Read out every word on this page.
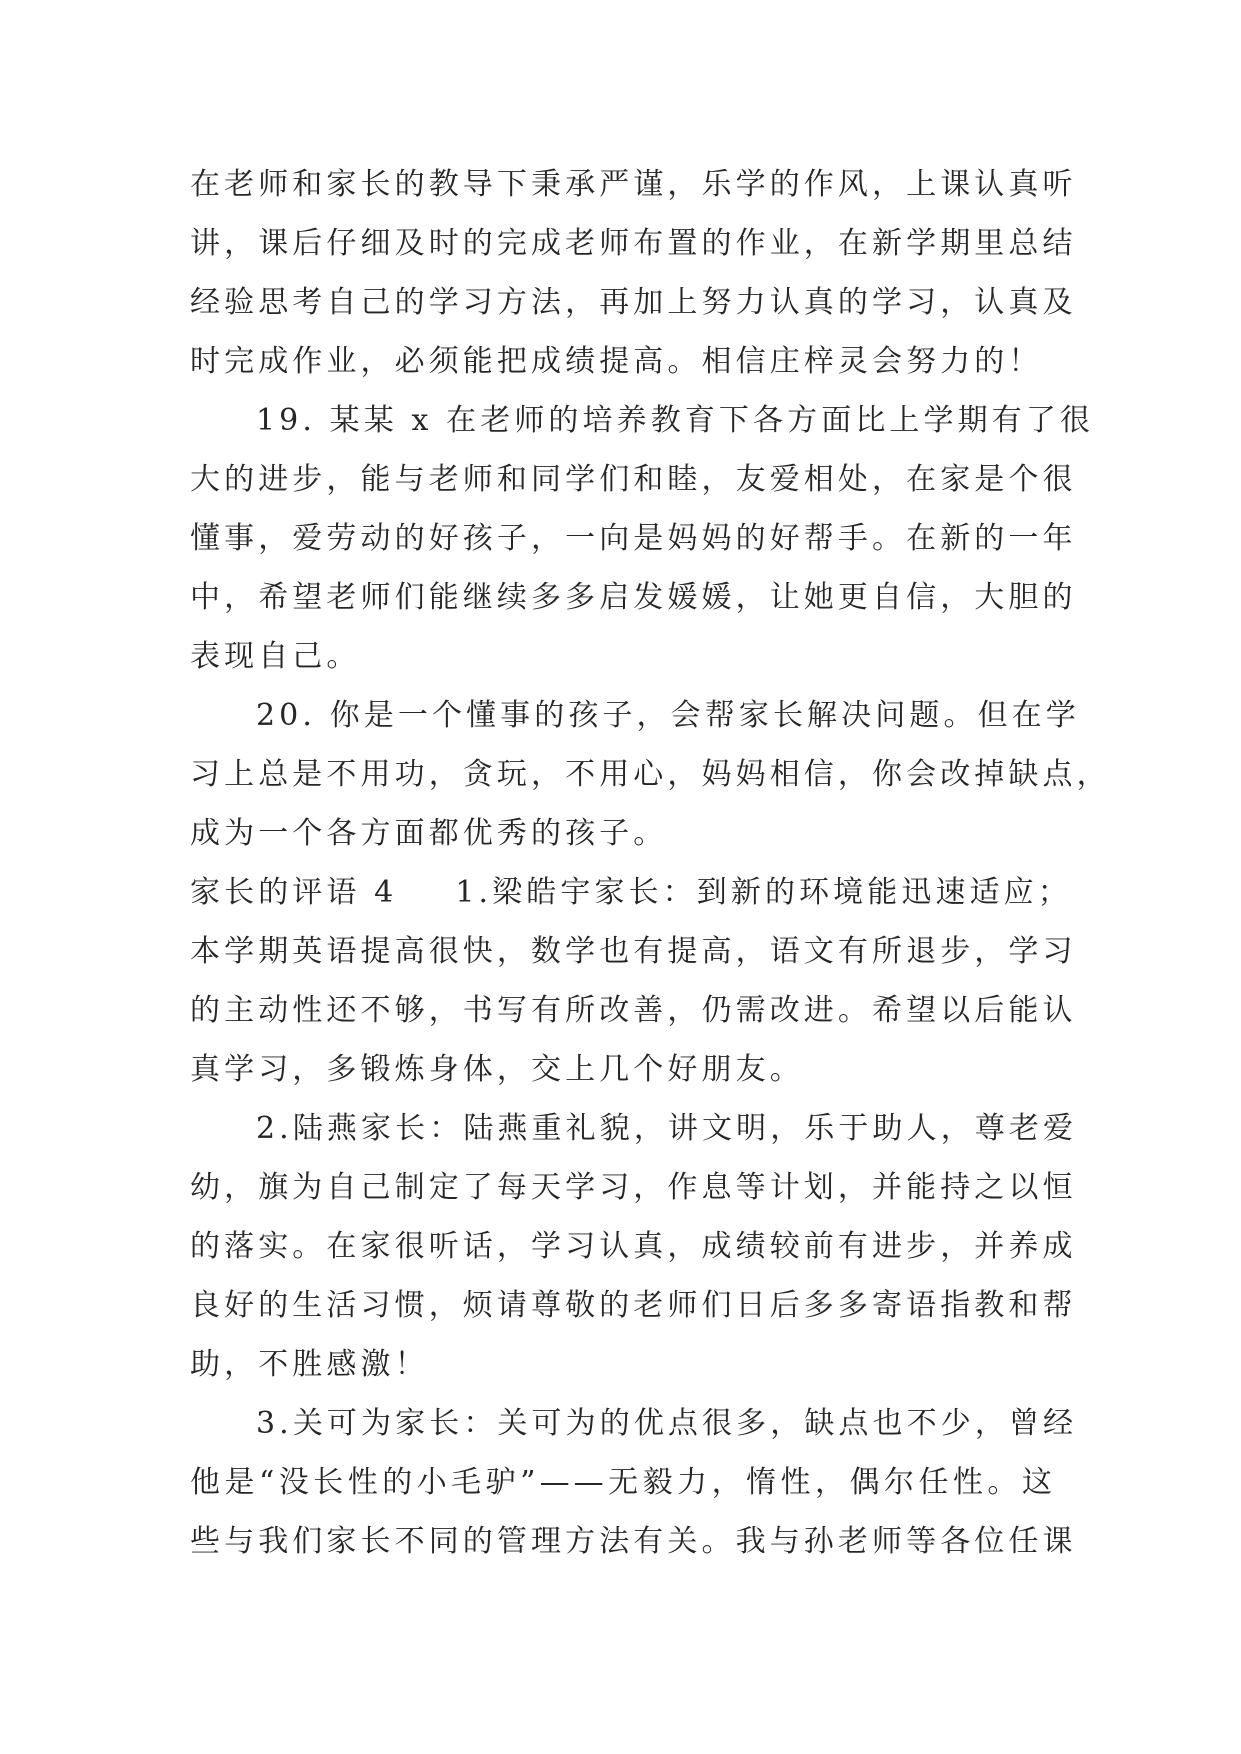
在老师和家长的教导下秉承严谨，乐学的作风，上课认真听
讲，课后仔细及时的完成老师布置的作业，在新学期里总结
经验思考自己的学习方法，再加上努力认真的学习，认真及
时完成作业，必须能把成绩提高。相信庄梓灵会努力的！
19. 某某 x 在老师的培养教育下各方面比上学期有了很
大的进步，能与老师和同学们和睦，友爱相处，在家是个很
懂事，爱劳动的好孩子，一向是妈妈的好帮手。在新的一年
中，希望老师们能继续多多启发媛媛，让她更自信，大胆的
表现自己。
20. 你是一个懂事的孩子，会帮家长解决问题。但在学
习上总是不用功，贪玩，不用心，妈妈相信，你会改掉缺点，
成为一个各方面都优秀的孩子。
家长的评语 4 1.梁皓宇家长：到新的环境能迅速适应；
本学期英语提高很快，数学也有提高，语文有所退步，学习
的主动性还不够，书写有所改善，仍需改进。希望以后能认
真学习，多锻炼身体，交上几个好朋友。
2.陆燕家长：陆燕重礼貌，讲文明，乐于助人，尊老爱
幼，旗为自己制定了每天学习，作息等计划，并能持之以恒
的落实。在家很听话，学习认真，成绩较前有进步，并养成
良好的生活习惯，烦请尊敬的老师们日后多多寄语指教和帮
助，不胜感激！
3.关可为家长：关可为的优点很多，缺点也不少，曾经
他是“没长性的小毛驴”——无毅力，惰性，偶尔任性。这
些与我们家长不同的管理方法有关。我与孙老师等各位任课
